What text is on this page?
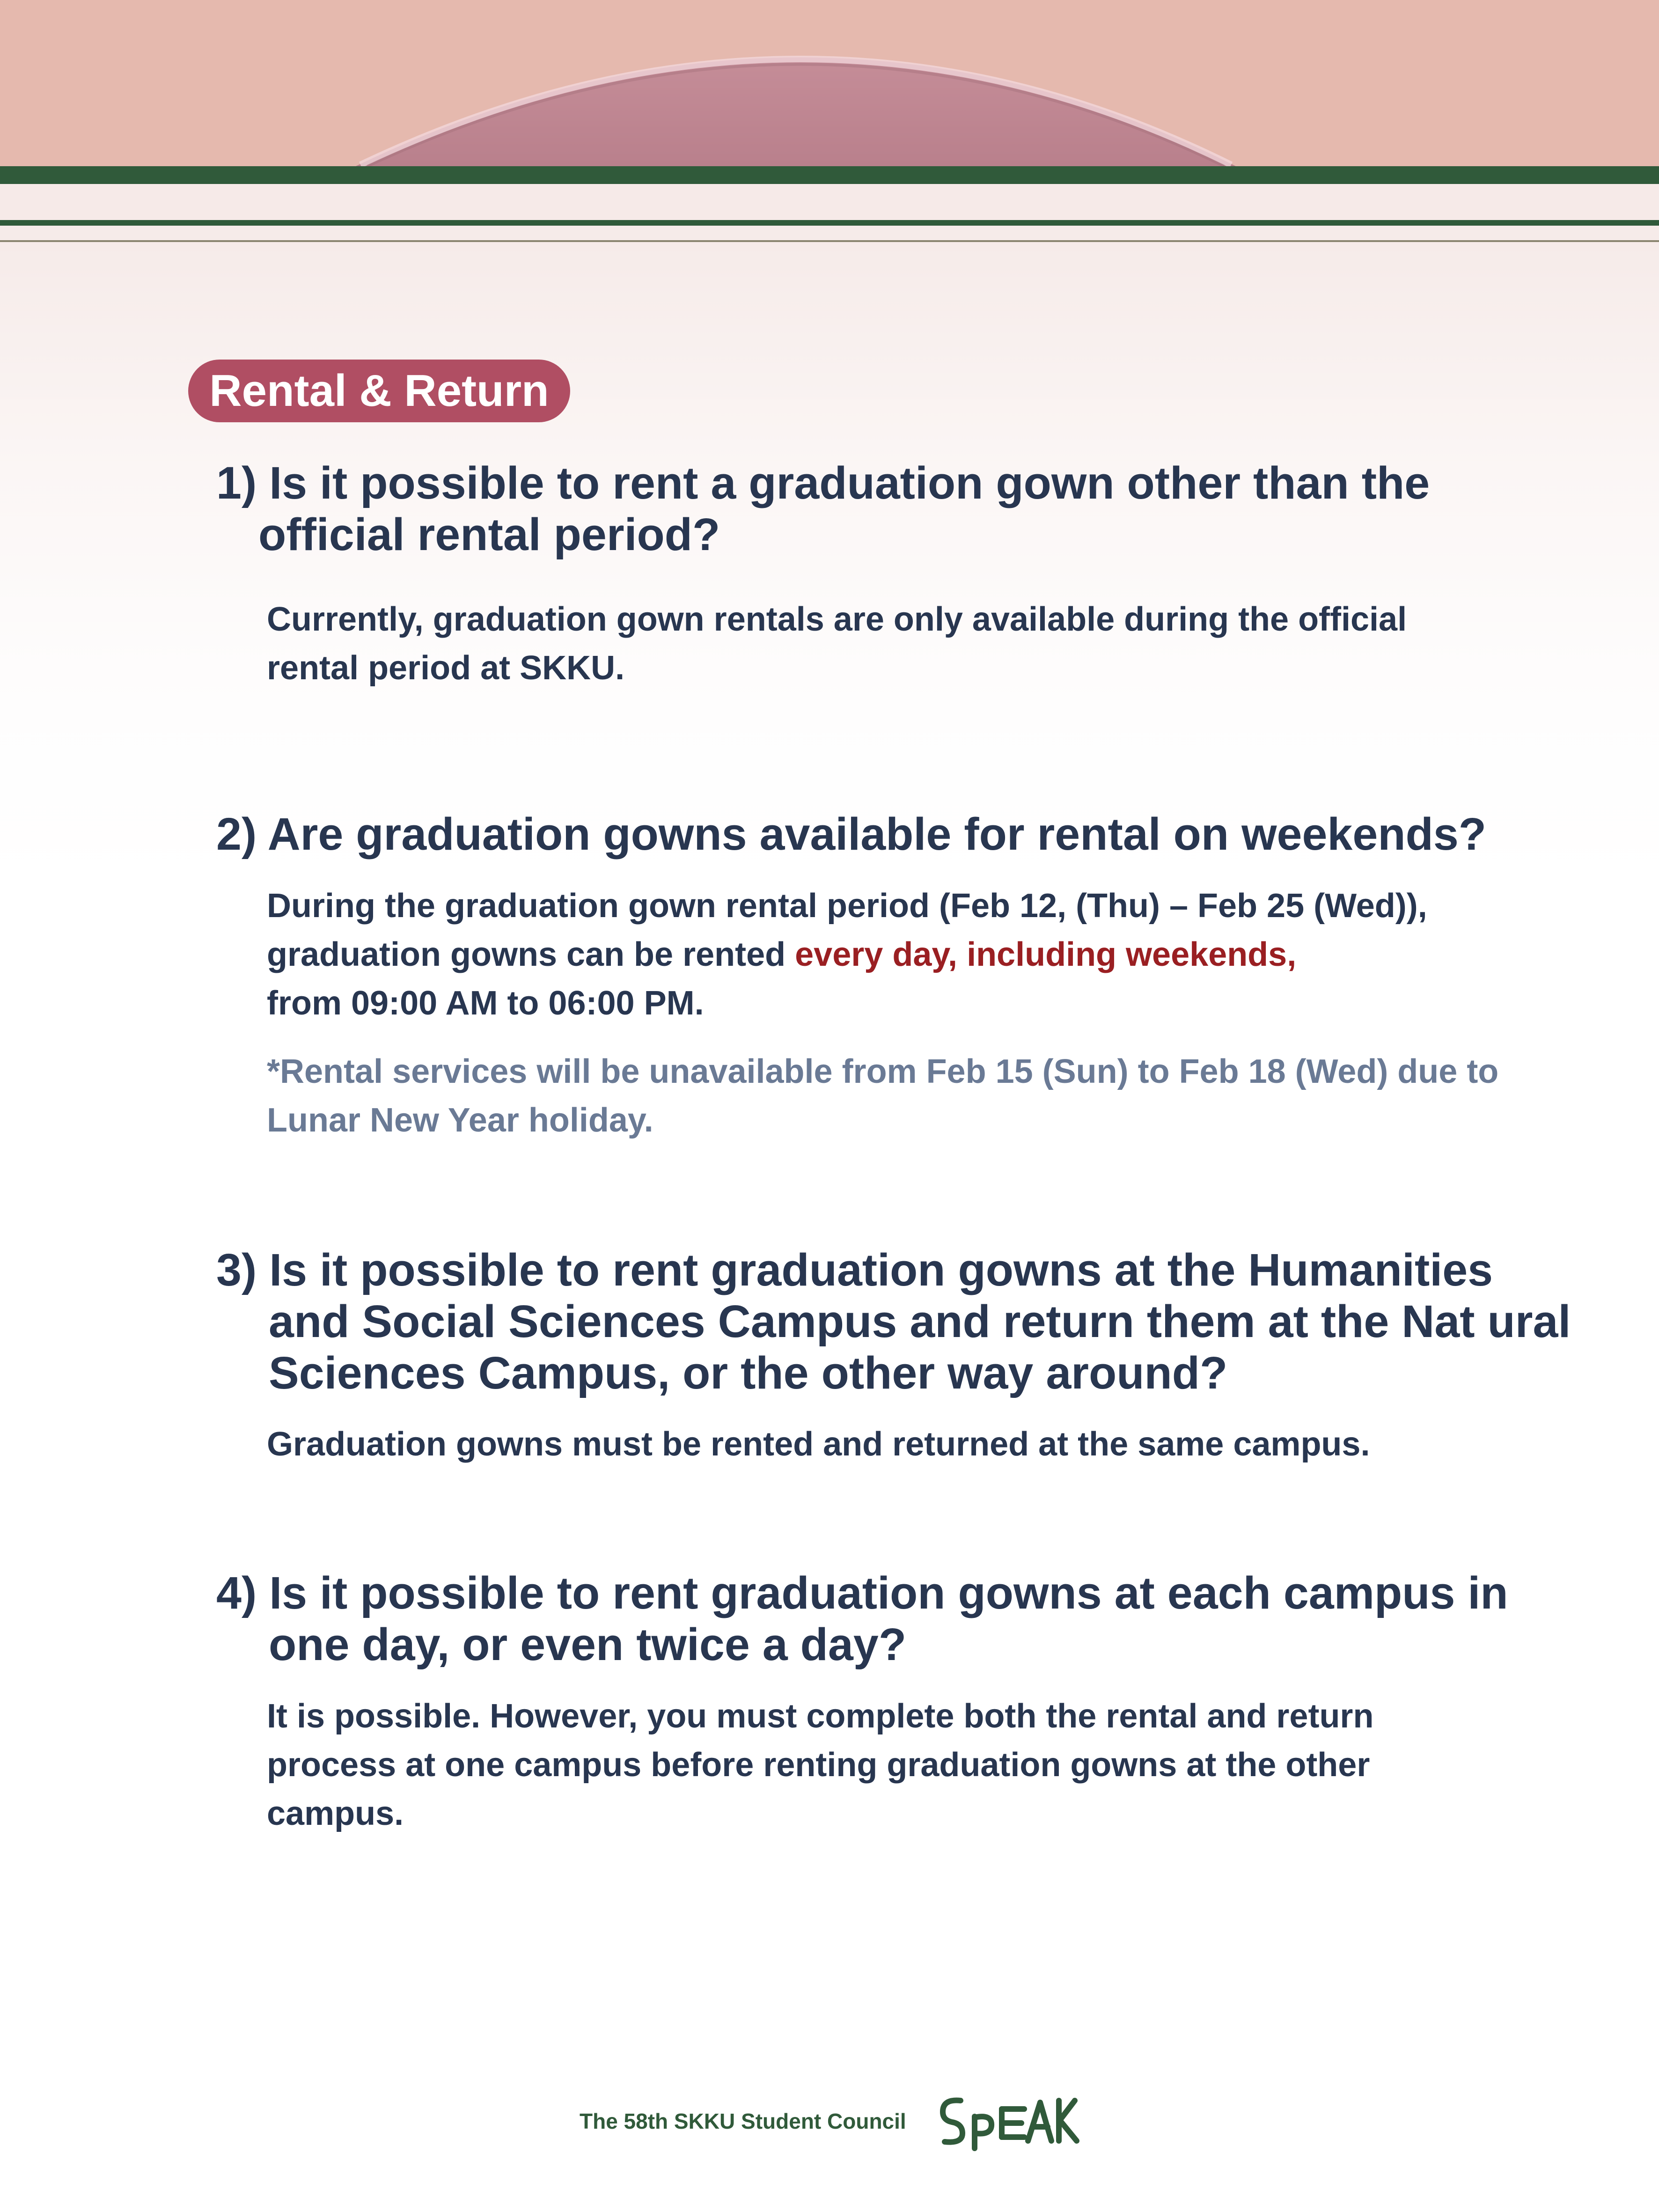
Rental & Return

1) Is it possible to rent a graduation gown other than the official rental period?

Currently, graduation gown rentals are only available during the official rental period at SKKU.

2) Are graduation gowns available for rental on weekends?

During the graduation gown rental period (Feb 12, (Thu) – Feb 25 (Wed)), graduation gowns can be rented every day, including weekends,
from 09:00 AM to 06:00 PM.

*Rental services will be unavailable from Feb 15 (Sun) to Feb 18 (Wed) due to Lunar New Year holiday.

3) Is it possible to rent graduation gowns at the Humanities and Social Sciences Campus and return them at the Nat ural Sciences Campus, or the other way around?

Graduation gowns must be rented and returned at the same campus.

4) Is it possible to rent graduation gowns at each campus in one day, or even twice a day?

It is possible. However, you must complete both the rental and return process at one campus before renting graduation gowns at the other campus.

The 58th SKKU Student Council
